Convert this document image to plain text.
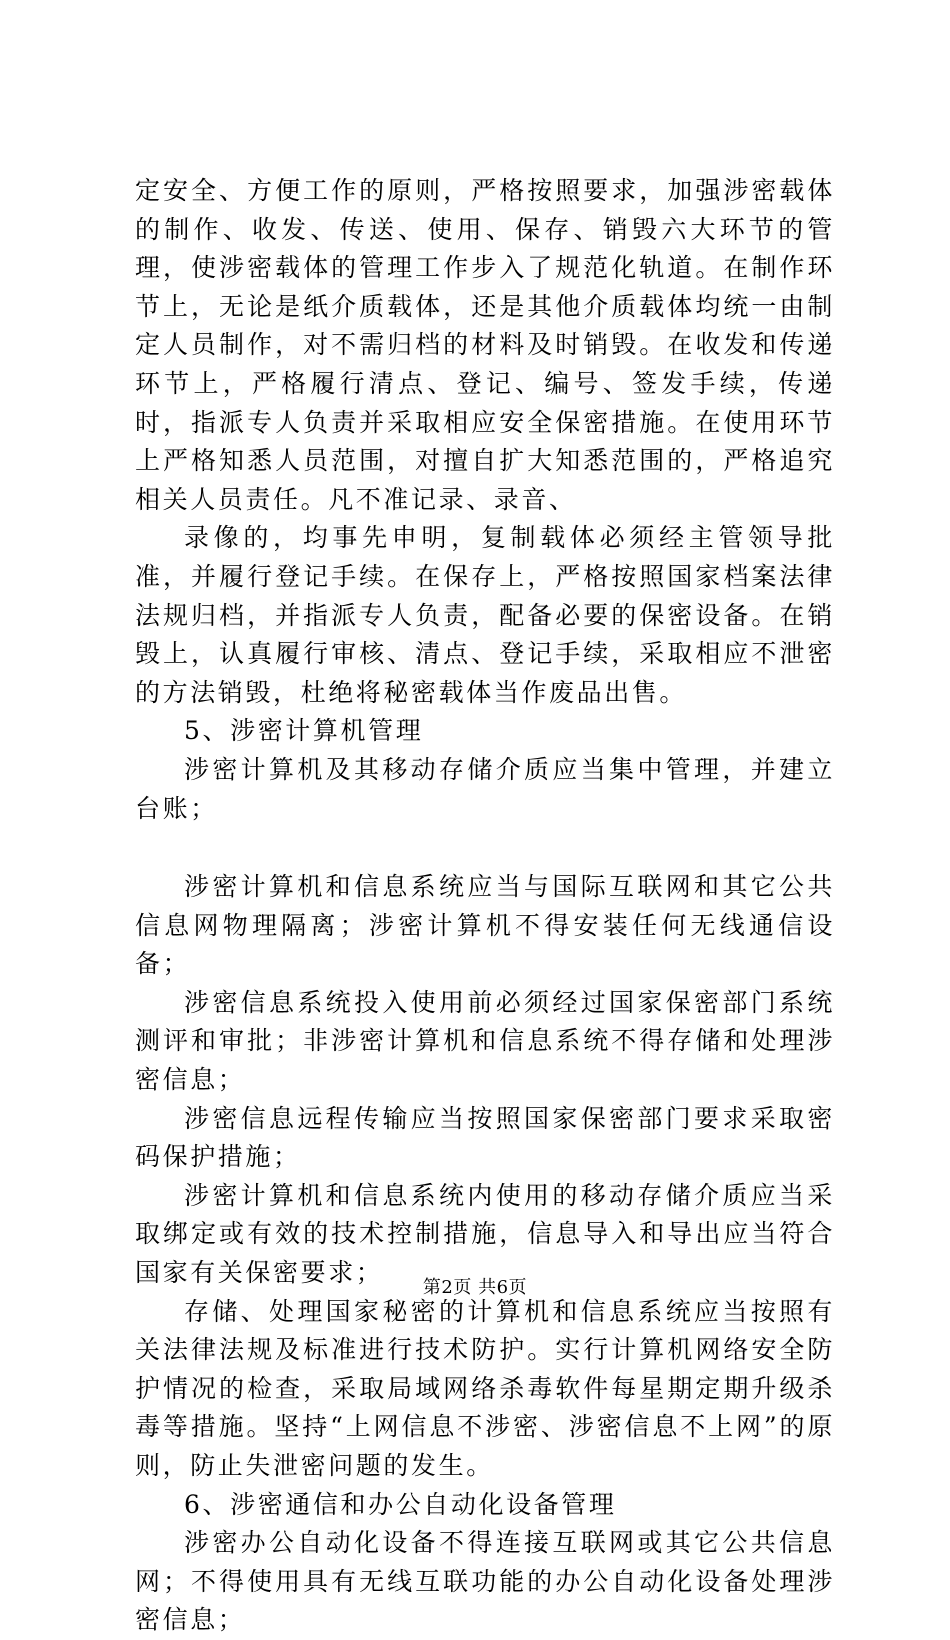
定安全、方便工作的原则，严格按照要求，加强涉密载体的制作、收发、传送、使用、保存、销毁六大环节的管理，使涉密载体的管理工作步入了规范化轨道。在制作环节上，无论是纸介质载体，还是其他介质载体均统一由制定人员制作，对不需归档的材料及时销毁。在收发和传递环节上，严格履行清点、登记、编号、签发手续，传递时，指派专人负责并采取相应安全保密措施。在使用环节上严格知悉人员范围，对擅自扩大知悉范围的，严格追究相关人员责任。凡不准记录、录音、

录像的，均事先申明，复制载体必须经主管领导批准，并履行登记手续。在保存上，严格按照国家档案法律法规归档，并指派专人负责，配备必要的保密设备。在销毁上，认真履行审核、清点、登记手续，采取相应不泄密的方法销毁，杜绝将秘密载体当作废品出售。

5、涉密计算机管理

涉密计算机及其移动存储介质应当集中管理，并建立台账；

涉密计算机和信息系统应当与国际互联网和其它公共信息网物理隔离；涉密计算机不得安装任何无线通信设备；

涉密信息系统投入使用前必须经过国家保密部门系统测评和审批；非涉密计算机和信息系统不得存储和处理涉密信息；

涉密信息远程传输应当按照国家保密部门要求采取密码保护措施；

涉密计算机和信息系统内使用的移动存储介质应当采取绑定或有效的技术控制措施，信息导入和导出应当符合国家有关保密要求；

存储、处理国家秘密的计算机和信息系统应当按照有关法律法规及标准进行技术防护。实行计算机网络安全防护情况的检查，采取局域网络杀毒软件每星期定期升级杀毒等措施。坚持“上网信息不涉密、涉密信息不上网”的原则，防止失泄密问题的发生。

6、涉密通信和办公自动化设备管理

涉密办公自动化设备不得连接互联网或其它公共信息网；不得使用具有无线互联功能的办公自动化设备处理涉密信息；

第2页 共6页
